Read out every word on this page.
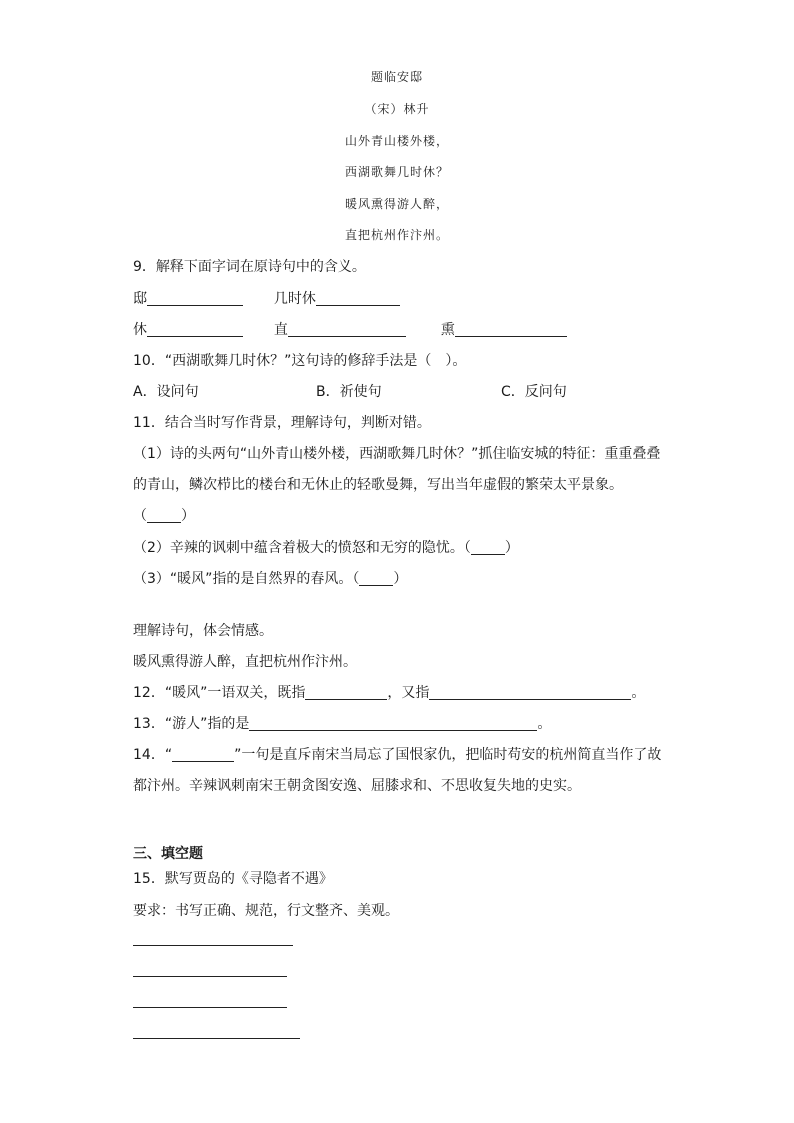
题临安邸
（宋）林升
山外青山楼外楼，
西湖歌舞几时休？
暖风熏得游人醉，
直把杭州作汴州。
9．解释下面字词在原诗句中的含义。
邸	几时休
休	直	熏
10．“西湖歌舞几时休？”这句诗的修辞手法是（　）。
A．设问句	B．祈使句	C．反问句
11．结合当时写作背景，理解诗句，判断对错。
（1）诗的头两句“山外青山楼外楼，西湖歌舞几时休？”抓住临安城的特征：重重叠叠
的青山，鳞次栉比的楼台和无休止的轻歌曼舞，写出当年虚假的繁荣太平景象。
（ ）
（2）辛辣的讽刺中蕴含着极大的愤怒和无穷的隐忧。（ ）
（3）“暖风”指的是自然界的春风。（ ）
理解诗句，体会情感。
暖风熏得游人醉，直把杭州作汴州。
12．“暖风”一语双关，既指	，又指	。
13．“游人”指的是	。
14．“	”一句是直斥南宋当局忘了国恨家仇，把临时苟安的杭州简直当作了故
都汴州。辛辣讽刺南宋王朝贪图安逸、屈膝求和、不思收复失地的史实。
三、填空题
15．默写贾岛的《寻隐者不遇》
要求：书写正确、规范，行文整齐、美观。
